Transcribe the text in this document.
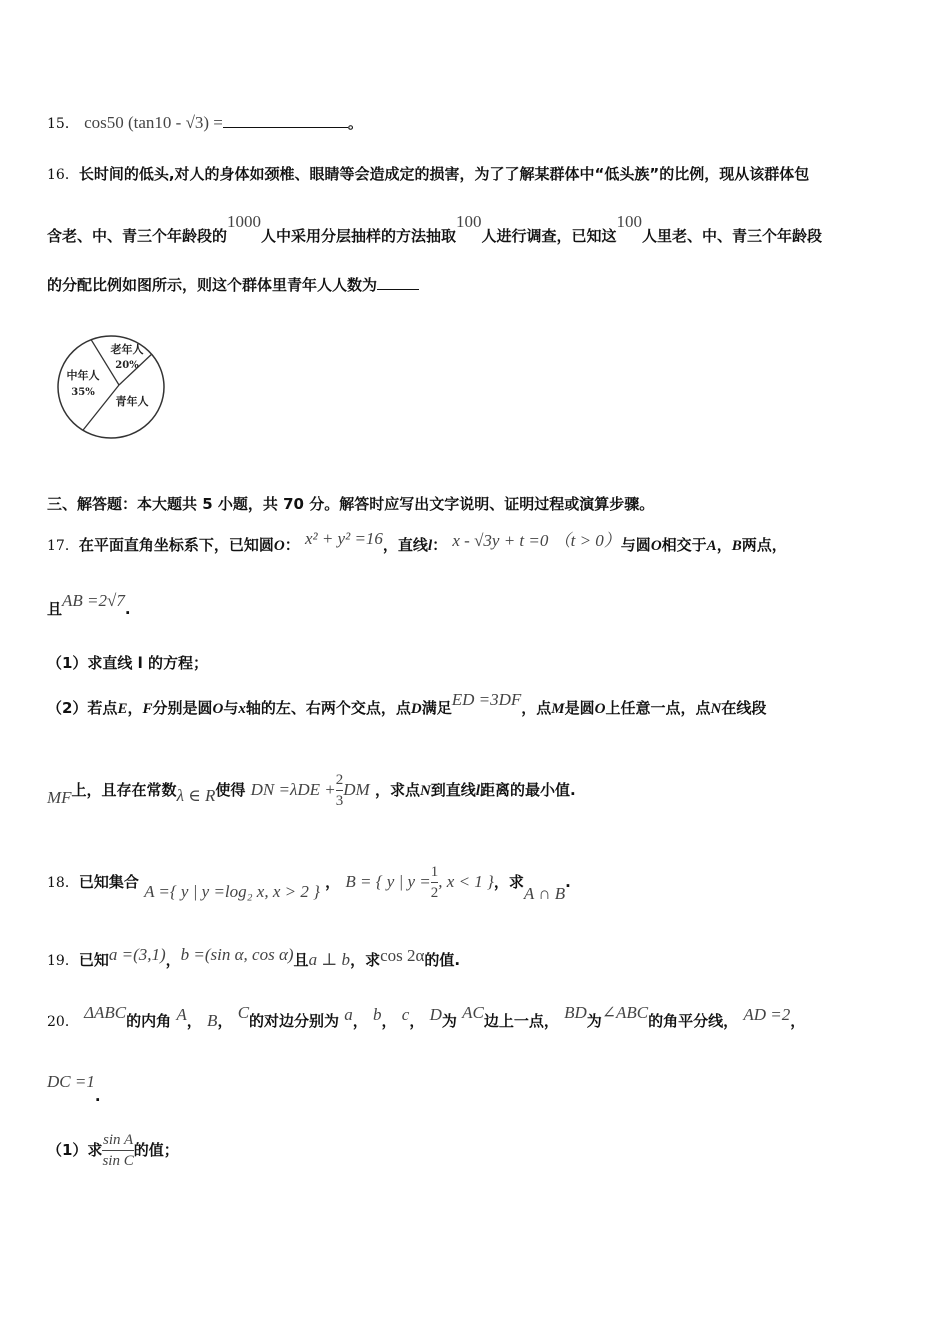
15． cos50 (tan10 - √3) =	。
16．长时间的低头,对人的身体如颈椎、眼睛等会造成定的损害，为了了解某群体中“低头族”的比例，现从该群体包
含老、中、青三个年龄段的1000人中采用分层抽样的方法抽取100人进行调查，已知这100人里老、中、青三个年龄段
的分配比例如图所示，则这个群体里青年人人数为
老年人
20%
中年人
35%
青年人
三、解答题：本大题共 5 小题，共 70 分。解答时应写出文字说明、证明过程或演算步骤。
17．在平面直角坐标系下，已知圆O： x² + y² =16，直线l： x - √3y + t =0 （t > 0）与圆O相交于A，B两点，
且AB =2√7.
（1）求直线 l 的方程；
（2）若点E，F分别是圆O与x轴的左、右两个交点，点D满足ED =3DF，点M是圆O上任意一点，点N在线段
MF上，且存在常数λ ∈ R使得 DN $=\lambda DE + \frac{2}{3}$ DM ，求点N到直线l距离的最小值.
18．已知集合 A ={ y | y =log₂ x, x > 2 } ， B = { y | $y = \frac{1}{2}$ , x < 1 }，求A ∩ B.
19．已知a =(3,1)，b =(sin α, cos α)且a ⊥ b，求cos 2α的值.
20． ΔABC的内角 A， B， C的对边分别为 a， b， c， D为 AC边上一点， BD为∠ABC的角平分线， AD =2，
DC =1.
（1）求 $\frac{\text{sin A}}{\text{sin C}}$ 的值；
